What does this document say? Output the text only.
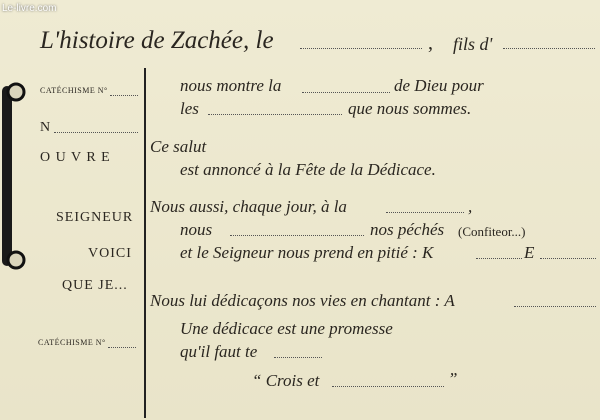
Le-livre.com
L'histoire de Zachée, le	, fils d'
CATÉCHISME N°
N
O U V R E
SEIGNEUR
VOICI
QUE JE...
CATÉCHISME N°
nous montre la	de Dieu pour
les	que nous sommes.
Ce salut
est annoncé à la Fête de la Dédicace.
Nous aussi, chaque jour, à la	,
nous	nos péchés (Confiteor...)
et le Seigneur nous prend en pitié : K	E
Nous lui dédicaçons nos vies en chantant : A
Une dédicace est une promesse
qu'il faut te
“ Crois et	”
